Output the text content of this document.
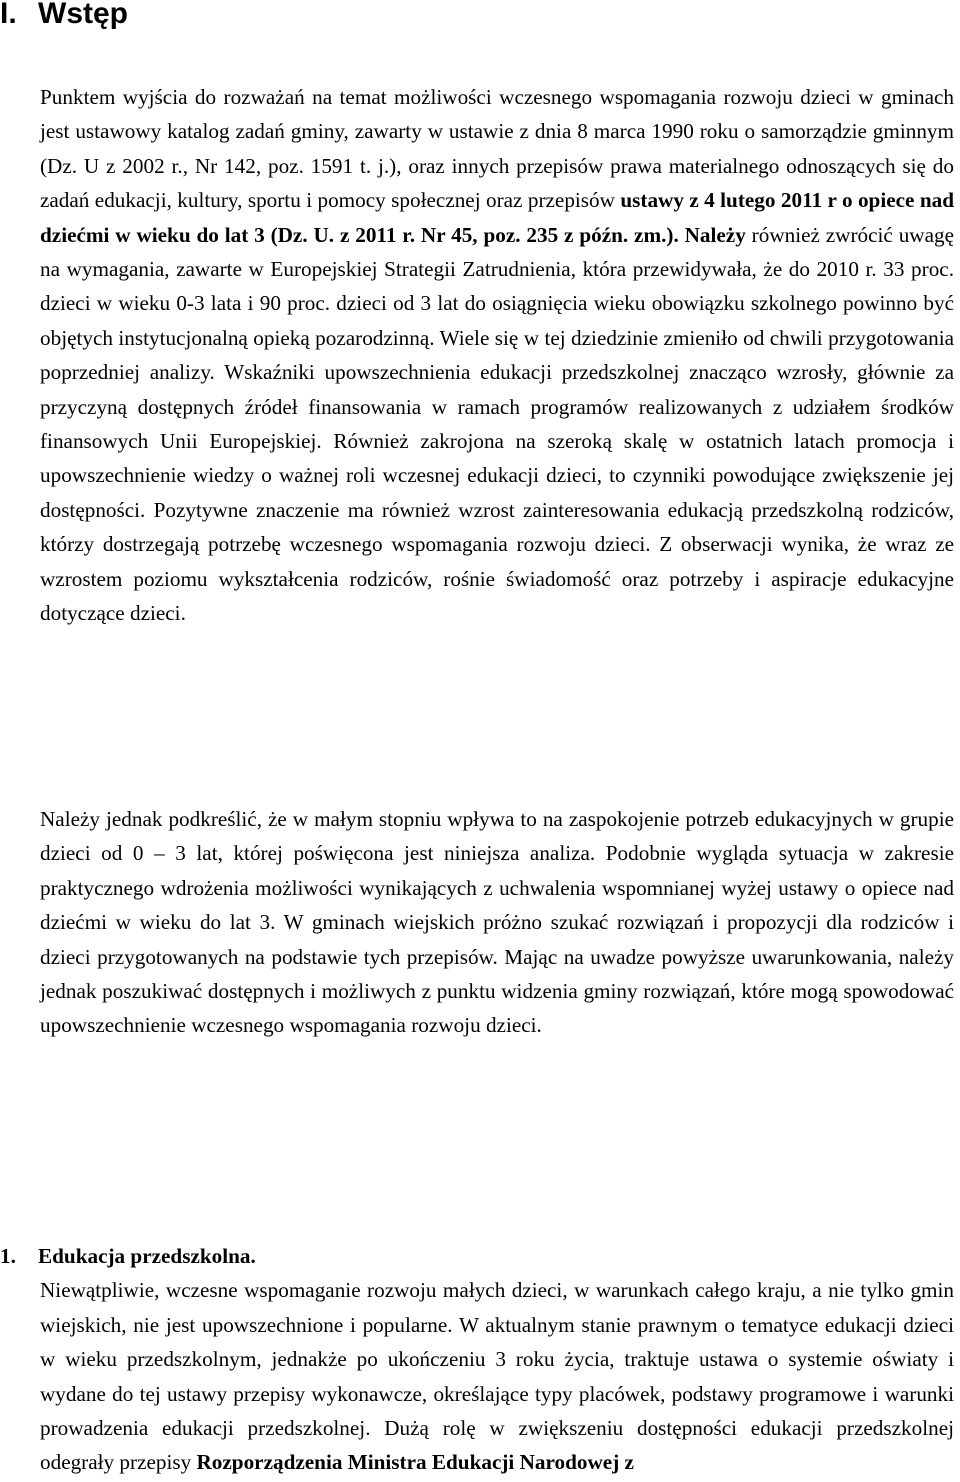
I. Wstęp

Punktem wyjścia do rozważań na temat możliwości wczesnego wspomagania rozwoju dzieci w gminach jest ustawowy katalog zadań gminy, zawarty w ustawie z dnia 8 marca 1990 roku o samorządzie gminnym (Dz. U z 2002 r., Nr 142, poz. 1591 t. j.), oraz innych przepisów prawa materialnego odnoszących się do zadań edukacji, kultury, sportu i pomocy społecznej oraz przepisów ustawy z 4 lutego 2011 r o opiece nad dziećmi w wieku do lat 3 (Dz. U. z 2011 r. Nr 45, poz. 235 z późn. zm.). Należy również zwrócić uwagę na wymagania, zawarte w Europejskiej Strategii Zatrudnienia, która przewidywała, że do 2010 r. 33 proc. dzieci w wieku 0-3 lata i 90 proc. dzieci od 3 lat do osiągnięcia wieku obowiązku szkolnego powinno być objętych instytucjonalną opieką pozarodzinną. Wiele się w tej dziedzinie zmieniło od chwili przygotowania poprzedniej analizy. Wskaźniki upowszechnienia edukacji przedszkolnej znacząco wzrosły, głównie za przyczyną dostępnych źródeł finansowania w ramach programów realizowanych z udziałem środków finansowych Unii Europejskiej. Również zakrojona na szeroką skalę w ostatnich latach promocja i upowszechnienie wiedzy o ważnej roli wczesnej edukacji dzieci, to czynniki powodujące zwiększenie jej dostępności. Pozytywne znaczenie ma również wzrost zainteresowania edukacją przedszkolną rodziców, którzy dostrzegają potrzebę wczesnego wspomagania rozwoju dzieci. Z obserwacji wynika, że wraz ze wzrostem poziomu wykształcenia rodziców, rośnie świadomość oraz potrzeby i aspiracje edukacyjne dotyczące dzieci.

Należy jednak podkreślić, że w małym stopniu wpływa to na zaspokojenie potrzeb edukacyjnych w grupie dzieci od 0 – 3 lat, której poświęcona jest niniejsza analiza. Podobnie wygląda sytuacja w zakresie praktycznego wdrożenia możliwości wynikających z uchwalenia wspomnianej wyżej ustawy o opiece nad dziećmi w wieku do lat 3. W gminach wiejskich próżno szukać rozwiązań i propozycji dla rodziców i dzieci przygotowanych na podstawie tych przepisów. Mając na uwadze powyższe uwarunkowania, należy jednak poszukiwać dostępnych i możliwych z punktu widzenia gminy rozwiązań, które mogą spowodować upowszechnienie wczesnego wspomagania rozwoju dzieci.

1. Edukacja przedszkolna.
Niewątpliwie, wczesne wspomaganie rozwoju małych dzieci, w warunkach całego kraju, a nie tylko gmin wiejskich, nie jest upowszechnione i popularne. W aktualnym stanie prawnym o tematyce edukacji dzieci w wieku przedszkolnym, jednakże po ukończeniu 3 roku życia, traktuje ustawa o systemie oświaty i wydane do tej ustawy przepisy wykonawcze, określające typy placówek, podstawy programowe i warunki prowadzenia edukacji przedszkolnej. Dużą rolę w zwiększeniu dostępności edukacji przedszkolnej odegrały przepisy Rozporządzenia Ministra Edukacji Narodowej z
